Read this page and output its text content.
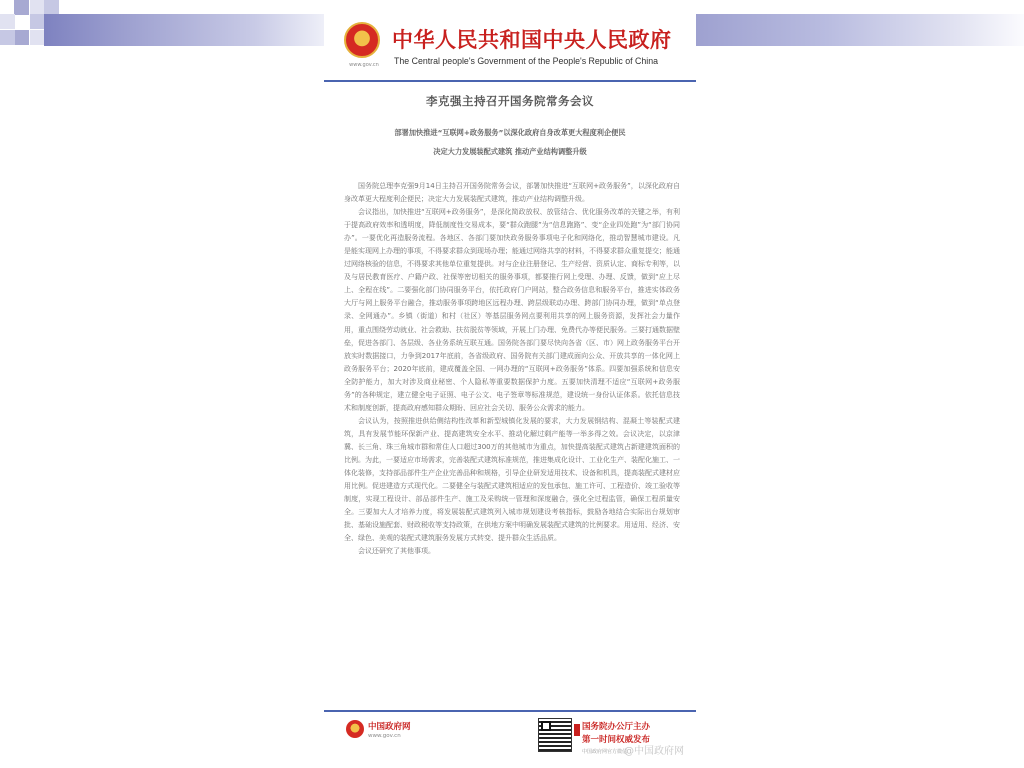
www.gov.cn
中华人民共和国中央人民政府
The Central people's Government of the People's Republic of China
李克强主持召开国务院常务会议
部署加快推进“互联网+政务服务”以深化政府自身改革更大程度利企便民
决定大力发展装配式建筑 推动产业结构调整升级

国务院总理李克强9月14日主持召开国务院常务会议，部署加快推进“互联网+政务服务”，以深化政府自身改革更大程度利企便民；决定大力发展装配式建筑，推动产业结构调整升级。

会议指出，加快推进“互联网+政务服务”，是深化简政放权、放管结合、优化服务改革的关键之举，有利于提高政府效率和透明度，降低制度性交易成本，要“群众跑腿”为“信息跑路”、变“企业四处跑”为“部门协同办”。一要优化再造服务流程。各地区、各部门要加快政务服务事项电子化和网络化，推动智慧城市建设。凡是能实现网上办理的事项，不得要求群众到现场办理；能通过网络共享的材料，不得要求群众重复提交；能通过网络核验的信息，不得要求其他单位重复提供。对与企业注册登记、生产经营、资质认定、商标专利等，以及与居民教育医疗、户籍户政、社保等密切相关的服务事项，都要推行网上受理、办理、反馈，做到“应上尽上、全程在线”。二要强化部门协同服务平台，依托政府门户网站，整合政务信息和服务平台，推进实体政务大厅与网上服务平台融合，推动服务事项跨地区远程办理、跨层级联动办理、跨部门协同办理，做到“单点登录、全网通办”。乡镇（街道）和村（社区）等基层服务网点要利用共享的网上服务资源，发挥社会力量作用，重点围绕劳动就业、社会救助、扶贫脱贫等领域，开展上门办理、免费代办等便民服务。三要打通数据壁垒，促进各部门、各层级、各业务系统互联互通。国务院各部门要尽快向各省（区、市）网上政务服务平台开放实时数据接口，力争到2017年底前，各省级政府、国务院有关部门建成面向公众、开放共享的一体化网上政务服务平台；2020年底前，建成覆盖全国、一网办理的“互联网+政务服务”体系。四要加强系统和信息安全防护能力，加大对涉及商业秘密、个人隐私等重要数据保护力度。五要加快清理不适应“互联网+政务服务”的各种规定，建立健全电子证照、电子公文、电子签章等标准规范，建设统一身份认证体系。依托信息技术和制度创新，提高政府感知群众期盼、回应社会关切、服务公众需求的能力。

会议认为，按照推进供给侧结构性改革和新型城镇化发展的要求，大力发展钢结构、混凝土等装配式建筑，具有发展节能环保新产业、提高建筑安全水平、推动化解过剩产能等一举多得之效。会议决定，以京津冀、长三角、珠三角城市群和常住人口超过300万的其他城市为重点，加快提高装配式建筑占新建建筑面积的比例。为此，一要适应市场需求，完善装配式建筑标准规范，推进集成化设计、工业化生产、装配化施工、一体化装修，支持部品部件生产企业完善品种和规格，引导企业研发适用技术、设备和机具，提高装配式建材应用比例。促进建造方式现代化。二要健全与装配式建筑相适应的发包承包、施工许可、工程造价、竣工验收等制度，实现工程设计、部品部件生产、施工及采购统一管理和深度融合，强化全过程监管，确保工程质量安全。三要加大人才培养力度，将发展装配式建筑列入城市规划建设考核指标，鼓励各地结合实际出台规划审批、基础设施配套、财政税收等支持政策，在供地方案中明确发展装配式建筑的比例要求。用适用、经济、安全、绿色、美观的装配式建筑服务发展方式转变、提升群众生活品质。

会议还研究了其他事项。

中国政府网
www.gov.cn
国务院办公厅主办
第一时间权威发布
中国政府网官方微信
@中国政府网
